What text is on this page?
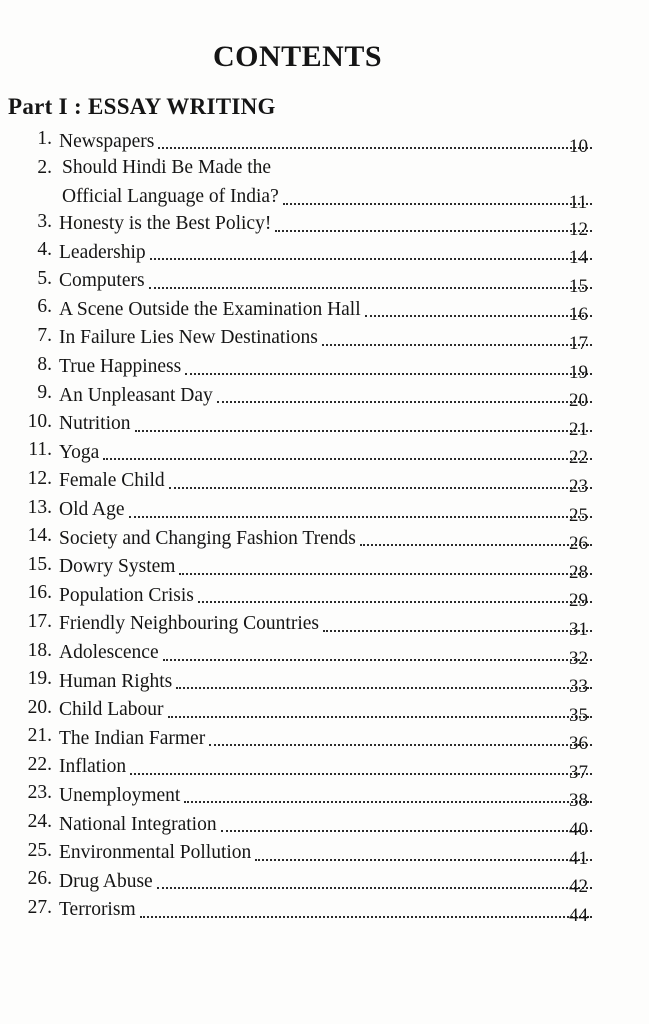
CONTENTS
Part I : ESSAY WRITING
1. Newspapers	10
2. Should Hindi Be Made the
Official Language of India?	11
3. Honesty is the Best Policy!	12
4. Leadership	14
5. Computers	15
6. A Scene Outside the Examination Hall	16
7. In Failure Lies New Destinations	17
8. True Happiness	19
9. An Unpleasant Day	20
10. Nutrition	21
11. Yoga	22
12. Female Child	23
13. Old Age	25
14. Society and Changing Fashion Trends	26
15. Dowry System	28
16. Population Crisis	29
17. Friendly Neighbouring Countries	31
18. Adolescence	32
19. Human Rights	33
20. Child Labour	35
21. The Indian Farmer	36
22. Inflation	37
23. Unemployment	38
24. National Integration	40
25. Environmental Pollution	41
26. Drug Abuse	42
27. Terrorism	44
